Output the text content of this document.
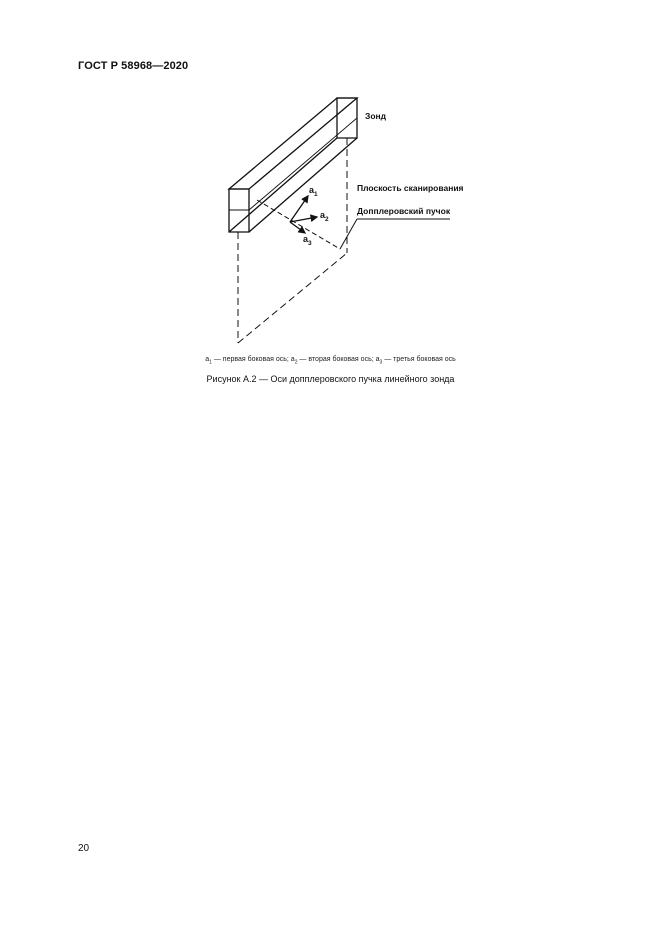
ГОСТ Р 58968—2020
Зонд
Плоскость сканирования
Допплеровский пучок
$a_1$
$a_2$
$a_3$
$a_1$ — первая боковая ось; $a_2$ — вторая боковая ось; $a_3$ — третья боковая ось
Рисунок А.2 — Оси допплеровского пучка линейного зонда
20
